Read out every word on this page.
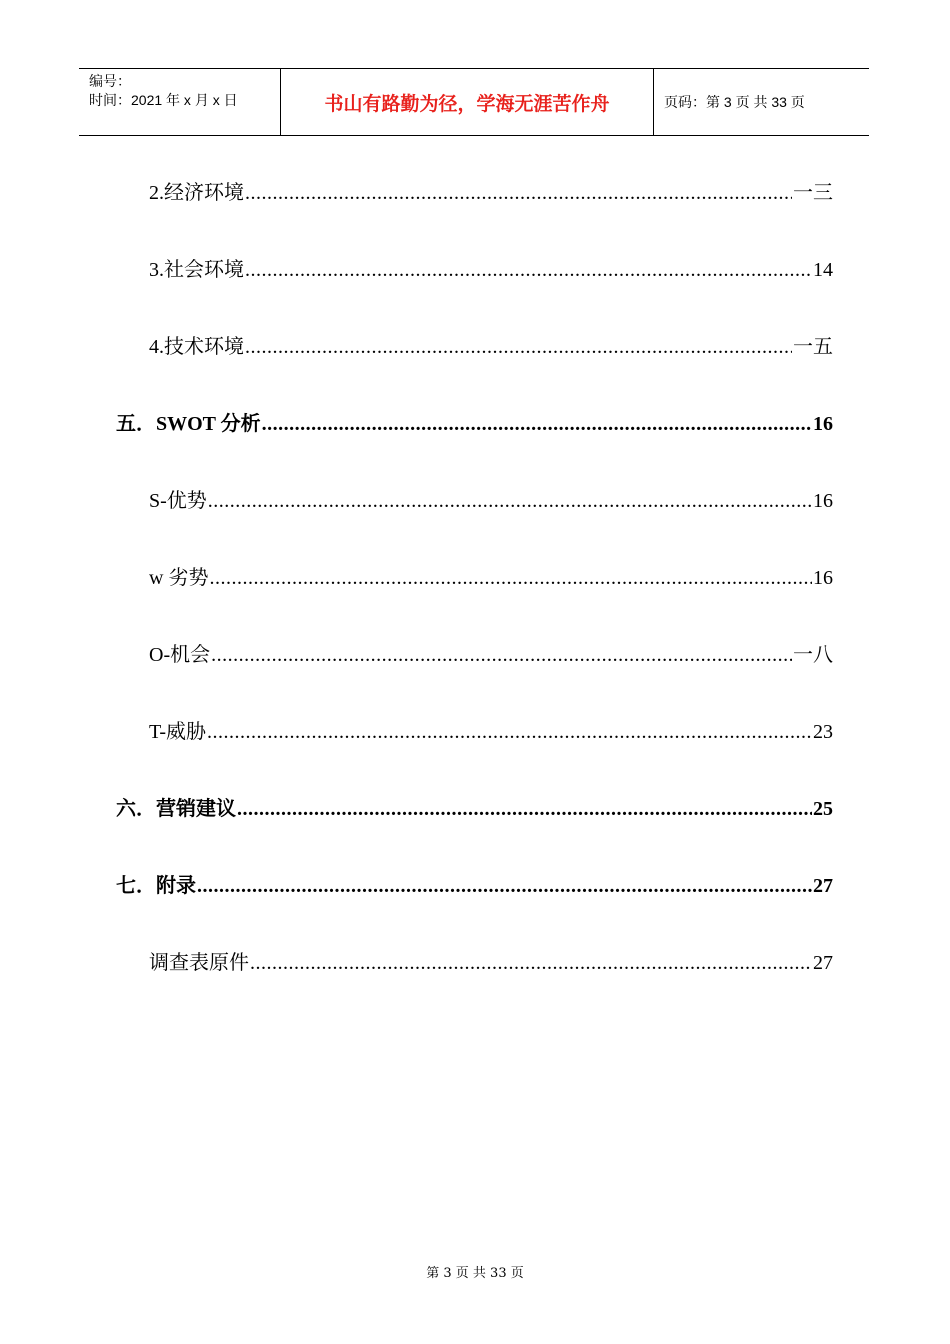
编号：
时间：2021 年 x 月 x 日	书山有路勤为径，学海无涯苦作舟	页码：第 3 页 共 33 页
2.经济环境 .....	一三
3.社会环境 .....	14
4.技术环境 .....	一五
五．SWOT 分析 .....	16
S-优势 .....	16
w 劣势 .....	16
O-机会 .....	一八
T-威胁 .....	23
六．营销建议 .....	25
七．附录 .....	27
调查表原件 .....	27
第 3 页 共 33 页
